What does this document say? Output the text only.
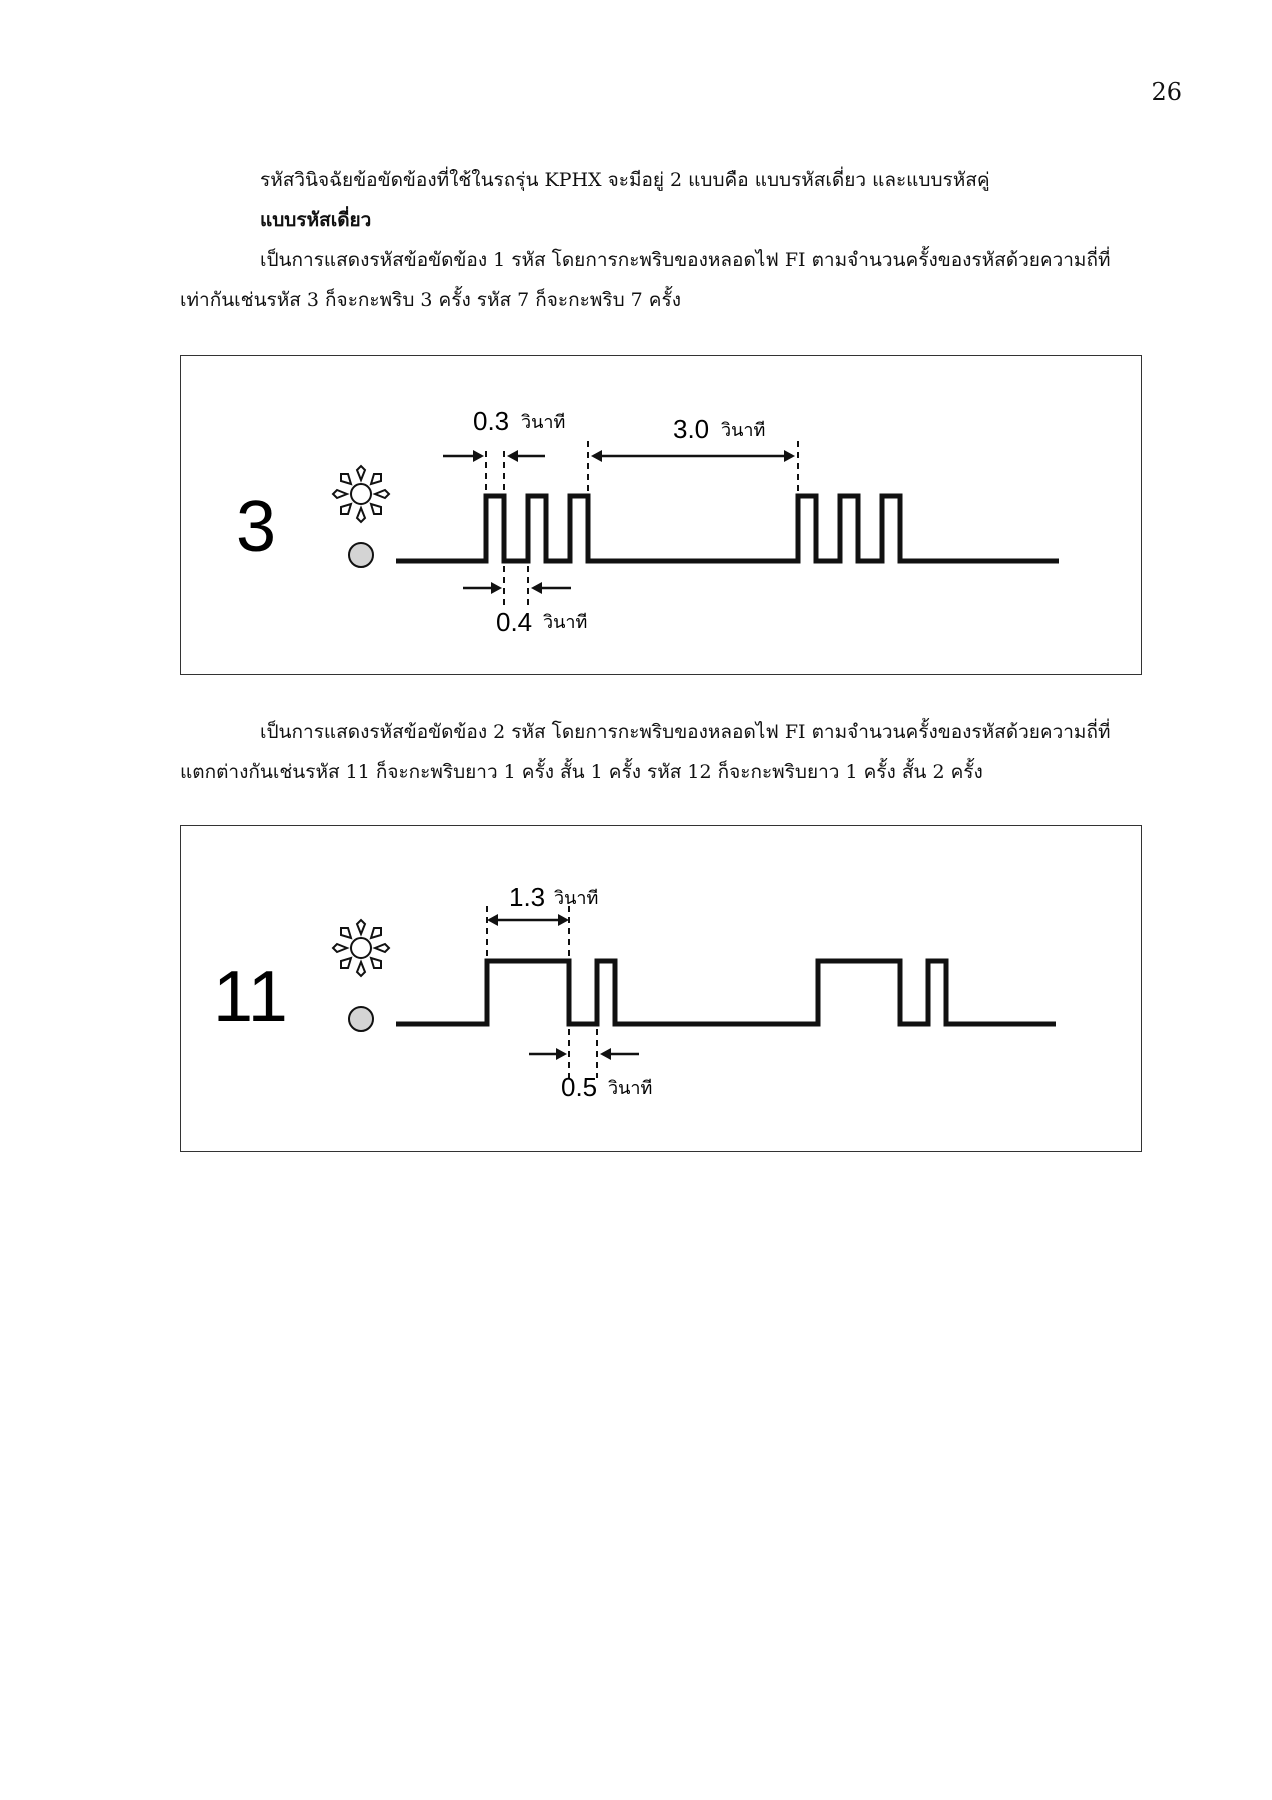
26

รหัสวินิจฉัยข้อขัดข้องที่ใช้ในรถรุ่น KPHX จะมีอยู่ 2 แบบคือ แบบรหัสเดี่ยว และแบบรหัสคู่

แบบรหัสเดี่ยว

เป็นการแสดงรหัสข้อขัดข้อง 1 รหัส โดยการกะพริบของหลอดไฟ FI ตามจำนวนครั้งของรหัสด้วยความถี่ที่
เท่ากันเช่นรหัส 3 ก็จะกะพริบ 3 ครั้ง รหัส 7 ก็จะกะพริบ 7 ครั้ง

3
0.3 วินาที	3.0 วินาที
0.4 วินาที

เป็นการแสดงรหัสข้อขัดข้อง 2 รหัส โดยการกะพริบของหลอดไฟ FI ตามจำนวนครั้งของรหัสด้วยความถี่ที่
แตกต่างกันเช่นรหัส 11 ก็จะกะพริบยาว 1 ครั้ง สั้น 1 ครั้ง รหัส 12 ก็จะกะพริบยาว 1 ครั้ง สั้น 2 ครั้ง

11
1.3 วินาที
0.5 วินาที
